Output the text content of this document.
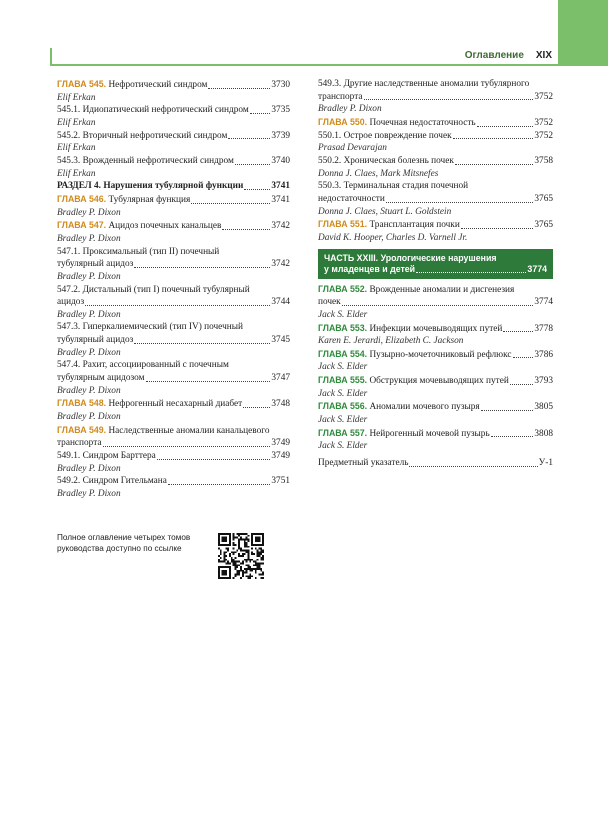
Оглавление XIX
ГЛАВА 545. Нефротический синдром	3730
Elif Erkan
545.1. Идиопатический нефротический синдром 3735
Elif Erkan
545.2. Вторичный нефротический синдром	3739
Elif Erkan
545.3. Врожденный нефротический синдром	3740
Elif Erkan
РАЗДЕЛ 4. Нарушения тубулярной функции	3741
ГЛАВА 546. Тубулярная функция	3741
Bradley P. Dixon
ГЛАВА 547. Ацидоз почечных канальцев	3742
Bradley P. Dixon
547.1. Проксимальный (тип II) почечный
тубулярный ацидоз	3742
Bradley P. Dixon
547.2. Дистальный (тип I) почечный тубулярный
ацидоз	3744
Bradley P. Dixon
547.3. Гиперкалиемический (тип IV) почечный
тубулярный ацидоз	3745
Bradley P. Dixon
547.4. Рахит, ассоциированный с почечным
тубулярным ацидозом	3747
Bradley P. Dixon
ГЛАВА 548. Нефрогенный несахарный диабет	3748
Bradley P. Dixon
ГЛАВА 549. Наследственные аномалии канальцевого
транспорта	3749
549.1. Синдром Барттера	3749
Bradley P. Dixon
549.2. Синдром Гительмана	3751
Bradley P. Dixon
549.3. Другие наследственные аномалии тубулярного
транспорта	3752
Bradley P. Dixon
ГЛАВА 550. Почечная недостаточность	3752
550.1. Острое повреждение почек	3752
Prasad Devarajan
550.2. Хроническая болезнь почек	3758
Donna J. Claes, Mark Mitsnefes
550.3. Терминальная стадия почечной
недостаточности	3765
Donna J. Claes, Stuart L. Goldstein
ГЛАВА 551. Трансплантация почки	3765
David K. Hooper, Charles D. Varnell Jr.
ЧАСТЬ XXIII. Урологические нарушения
у младенцев и детей	3774
ГЛАВА 552. Врожденные аномалии и дисгенезия
почек	3774
Jack S. Elder
ГЛАВА 553. Инфекции мочевыводящих путей	3778
Karen E. Jerardi, Elizabeth C. Jackson
ГЛАВА 554. Пузырно-мочеточниковый рефлюкс 3786
Jack S. Elder
ГЛАВА 555. Обструкция мочевыводящих путей	3793
Jack S. Elder
ГЛАВА 556. Аномалии мочевого пузыря	3805
Jack S. Elder
ГЛАВА 557. Нейрогенный мочевой пузырь	3808
Jack S. Elder
Предметный указатель	У-1
Полное оглавление четырех томов руководства доступно по ссылке
